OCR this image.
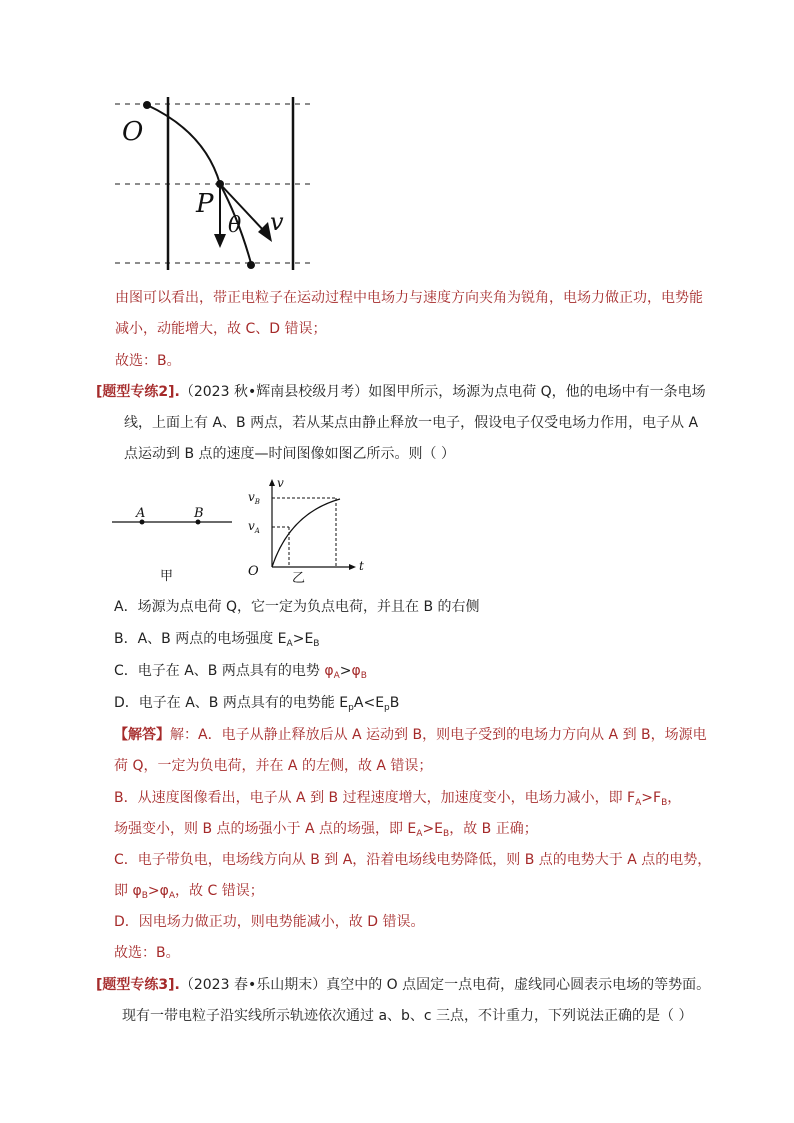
O
P
θ v
由图可以看出，带正电粒子在运动过程中电场力与速度方向夹角为锐角，电场力做正功，电势能
减小，动能增大，故 C、D 错误；
故选：B。
[题型专练2].（2023 秋•辉南县校级月考）如图甲所示，场源为点电荷 Q，他的电场中有一条电场
线，上面上有 A、B 两点，若从某点由静止释放一电子，假设电子仅受电场力作用，电子从 A
点运动到 B 点的速度—时间图像如图乙所示。则（ ）
A	B
甲
v
$v_B$
$v_A$
O	t
乙
A．场源为点电荷 Q，它一定为负点电荷，并且在 B 的右侧
B．A、B 两点的电场强度 $E_A>E_B$
C．电子在 A、B 两点具有的电势 $\varphi_A>\varphi_B$
D．电子在 A、B 两点具有的电势能 $E_pA<E_pB$
【解答】解：A．电子从静止释放后从 A 运动到 B，则电子受到的电场力方向从 A 到 B，场源电
荷 Q，一定为负电荷，并在 A 的左侧，故 A 错误；
B．从速度图像看出，电子从 A 到 B 过程速度增大，加速度变小，电场力减小，即 $F_A>F_B$，
场强变小，则 B 点的场强小于 A 点的场强，即 $E_A>E_B$，故 B 正确；
C．电子带负电，电场线方向从 B 到 A，沿着电场线电势降低，则 B 点的电势大于 A 点的电势，
即 $\varphi_B>\varphi_A$，故 C 错误；
D．因电场力做正功，则电势能减小，故 D 错误。
故选：B。
[题型专练3].（2023 春•乐山期末）真空中的 O 点固定一点电荷，虚线同心圆表示电场的等势面。
现有一带电粒子沿实线所示轨迹依次通过 a、b、c 三点，不计重力，下列说法正确的是（ ）
